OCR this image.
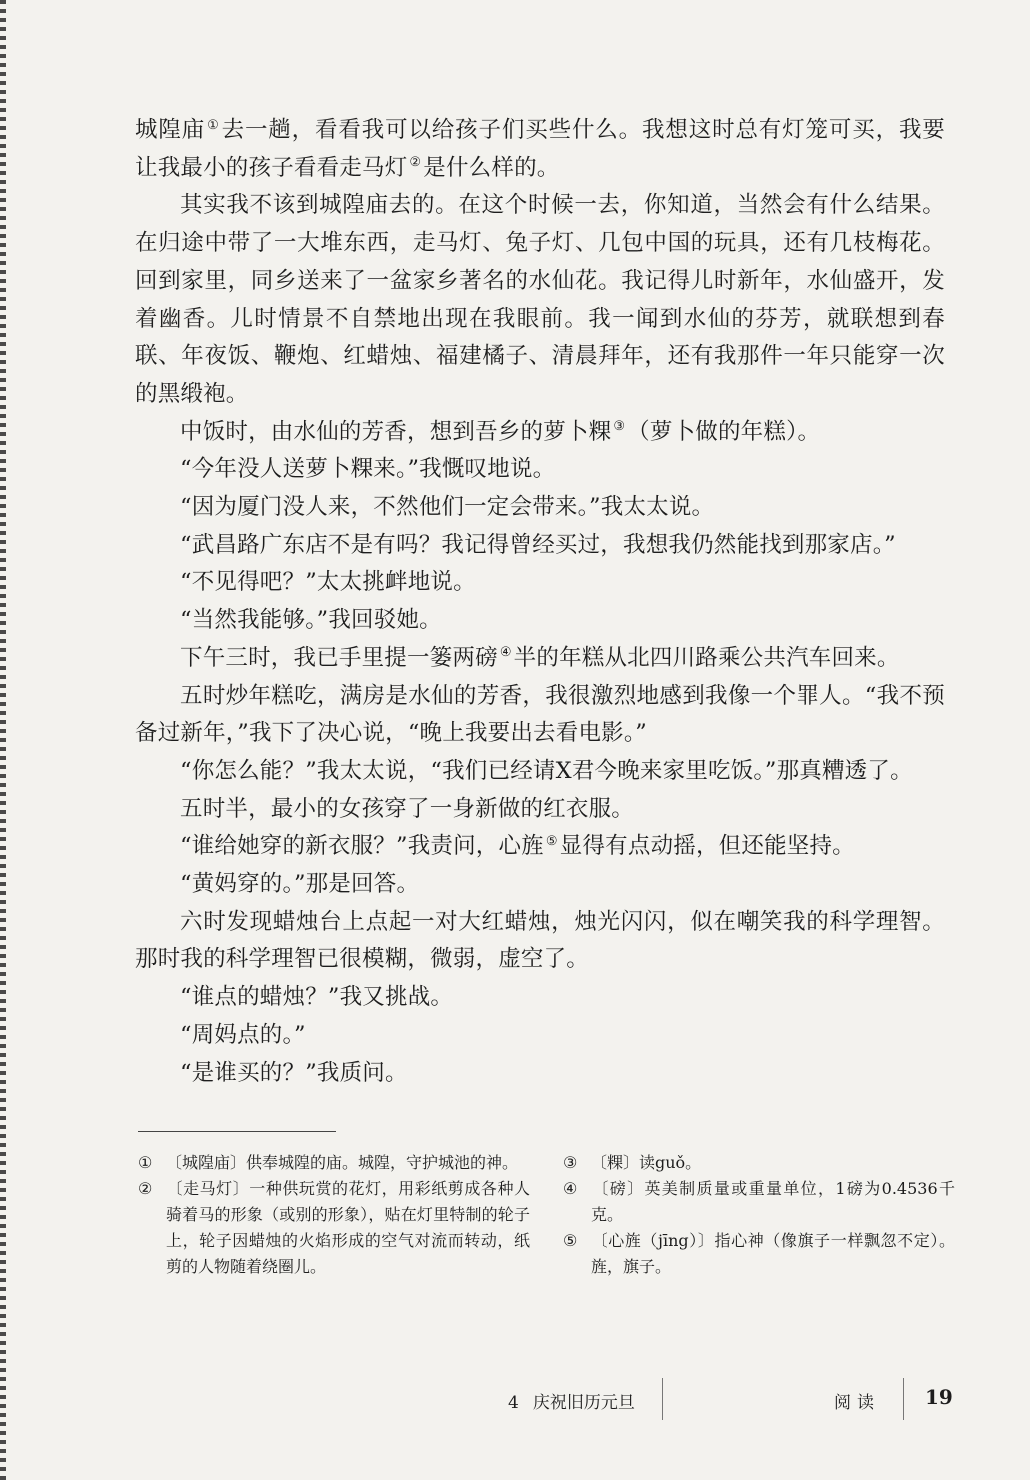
城隍庙 ①去一趟，看看我可以给孩子们买些什么。我想这时总有灯笼可买，我要让我最小的孩子看看走马灯 ②是什么样的。

其实我不该到城隍庙去的。在这个时候一去，你知道，当然会有什么结果。在归途中带了一大堆东西，走马灯、兔子灯、几包中国的玩具，还有几枝梅花。回到家里，同乡送来了一盆家乡著名的水仙花。我记得儿时新年，水仙盛开，发着幽香。儿时情景不自禁地出现在我眼前。我一闻到水仙的芬芳，就联想到春联、年夜饭、鞭炮、红蜡烛、福建橘子、清晨拜年，还有我那件一年只能穿一次的黑缎袍。

中饭时，由水仙的芳香，想到吾乡的萝卜粿 ③（萝卜做的年糕）。

“今年没人送萝卜粿来。”我慨叹地说。

“因为厦门没人来，不然他们一定会带来。”我太太说。

“武昌路广东店不是有吗？我记得曾经买过，我想我仍然能找到那家店。”

“不见得吧？”太太挑衅地说。

“当然我能够。”我回驳她。

下午三时，我已手里提一篓两磅 ④半的年糕从北四川路乘公共汽车回来。

五时炒年糕吃，满房是水仙的芳香，我很激烈地感到我像一个罪人。“我不预备过新年，”我下了决心说，“晚上我要出去看电影。”

“你怎么能？”我太太说，“我们已经请X君今晚来家里吃饭。”那真糟透了。

五时半，最小的女孩穿了一身新做的红衣服。

“谁给她穿的新衣服？”我责问，心旌 ⑤显得有点动摇，但还能坚持。

“黄妈穿的。”那是回答。

六时发现蜡烛台上点起一对大红蜡烛，烛光闪闪，似在嘲笑我的科学理智。那时我的科学理智已很模糊，微弱，虚空了。

“谁点的蜡烛？”我又挑战。

“周妈点的。”

“是谁买的？”我质问。

① 〔城隍庙〕供奉城隍的庙。城隍，守护城池的神。
② 〔走马灯〕一种供玩赏的花灯，用彩纸剪成各种人骑着马的形象（或别的形象），贴在灯里特制的轮子上，轮子因蜡烛的火焰形成的空气对流而转动，纸剪的人物随着绕圈儿。
③ 〔粿〕读guǒ。
④ 〔磅〕英美制质量或重量单位，1磅为0.4536千克。
⑤ 〔心旌（jīng）〕指心神（像旗子一样飘忽不定）。旌，旗子。
4 庆祝旧历元旦	阅读 19
